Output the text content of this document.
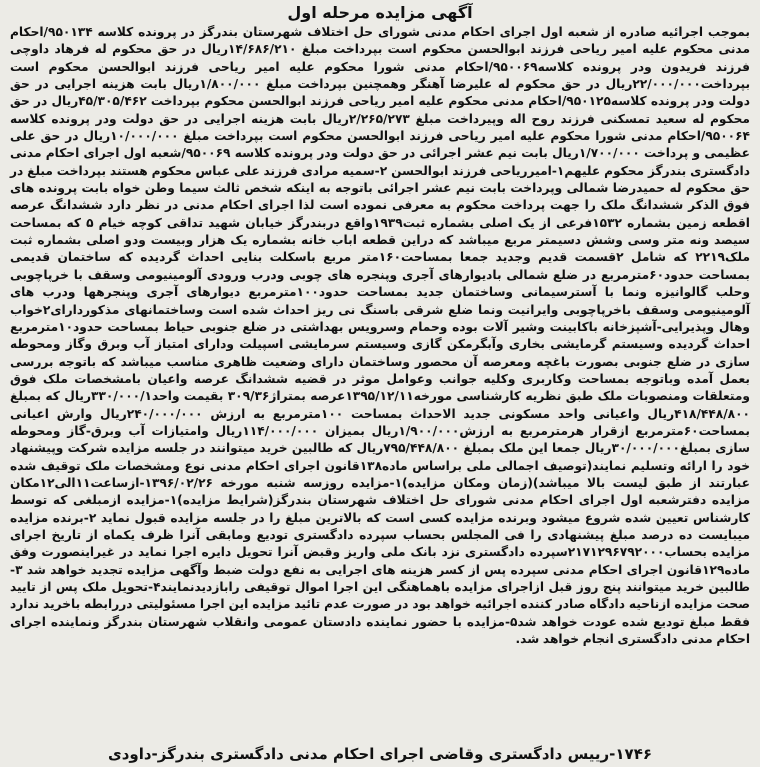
آگهی مزایده مرحله اول

بموجب اجرائیه صادره از شعبه اول اجرای احکام مدنی شورای حل اختلاف شهرستان بندرگز در پرونده کلاسه ۹۵۰۱۳۴/احکام مدنی محکوم علیه امیر ریاحی فرزند ابوالحسن محکوم است بپرداخت مبلغ ۱۴/۶۸۶/۲۱۰ریال در حق محکوم له فرهاد داوچی فرزند فریدون ودر پرونده کلاسه۹۵۰۰۶۹/احکام مدنی شورا محکوم علیه امیر ریاحی فرزند ابوالحسن محکوم است بپرداخت۲۲/۰۰۰/۰۰۰ریال در حق محکوم له علیرضا آهنگر وهمچنین بپرداخت مبلغ ۱/۸۰۰/۰۰۰ریال بابت هزینه اجرایی در حق دولت ودر پرونده کلاسه۹۵۰۱۲۵/احکام مدنی محکوم علیه امیر ریاحی فرزند ابوالحسن محکوم بپرداخت ۴۵/۳۰۵/۴۶۲ریال در حق محکوم له سعید تمسکنی فرزند روح اله وپیرداخت مبلغ ۲/۲۶۵/۲۷۳ریال بابت هزینه اجرایی در حق دولت ودر پرونده کلاسه ۹۵۰۰۶۴/احکام مدنی شورا محکوم علیه امیر ریاحی فرزند ابوالحسن محکوم است بپرداخت مبلغ ۱۰/۰۰۰/۰۰۰ریال در حق علی عظیمی و پرداخت ۱/۷۰۰/۰۰۰ریال بابت نیم عشر اجرائی در حق دولت ودر پرونده کلاسه ۹۵۰۰۶۹/شعبه اول اجرای احکام مدنی دادگستری بندرگز محکوم علیهم۱-امیرریاحی فرزند ابوالحسن ۲-سمیه مرادی فرزند علی عباس محکوم هستند بپرداخت مبلغ در حق محکوم له حمیدرضا شمالی وپرداخت بابت نیم عشر اجرائی باتوجه به اینکه شخص ثالث سیما وطن خواه بابت پرونده های فوق الذکر ششدانگ ملک را جهت پرداخت محکوم به معرفی نموده است لذا اجرای احکام مدنی در نظر دارد ششدانگ عرصه اقطعه زمین بشماره ۱۵۳۲فرعی از یک اصلی بشماره ثبت۱۹۳۹واقع دربندرگز خیابان شهید تداقی کوچه خیام ۵ که بمساحت سیصد ونه متر وسی وشش دسیمتر مربع میباشد که دراین قطعه اباب خانه بشماره یک هزار وبیست ودو اصلی بشماره ثبت ملک۲۲۱۹ که شامل ۲قسمت قدیم وجدید جمعا بمساحت۱۶۰متر مربع باسکلت بنایی احداث گردیده که ساختمان قدیمی بمساحت حدود۶۰مترمربع در ضلع شمالی بادیوارهای آجری وپنجره های چوبی ودرب ورودی آلومینیومی وسقف با خرپاچوبی وحلب گالوانیزه ونما با آسترسیمانی وساختمان جدید بمساحت حدود۱۰۰مترمربع دیوارهای آجری وپنجرهها ودرب های آلومینیومی وسقف باخرپاچوبی وایرانیت ونما ضلع شرقی باسنگ نی ریز احداث شده است وساختمانهای مذکوردارای۲خواب وهال وپذیرایی-آشپزخانه باکابینت وشیر آلات بوده وحمام وسرویس بهداشتی در ضلع جنوبی حیاط بمساحت حدود۱۰مترمربع احداث گردیده وسیستم گرمایشی بخاری وآبگرمکن گازی وسیستم سرمایشی اسپیلت ودارای امتیاز آب وبرق وگاز ومحوطه سازی در ضلع جنوبی بصورت باغچه ومعرصه آن محصور وساختمان دارای وضعیت ظاهری مناسب میباشد که باتوجه بررسی بعمل آمده وباتوجه بمساحت وکاربری وکلیه جوانب وعوامل موثر در قضیه ششدانگ عرصه واعیان بامشخصات ملک فوق ومتعلقات ومنصوبات ملک طبق نظریه کارشناسی مورخه۱۳۹۵/۱۲/۱۱عرصه بمتراژ۳۰۹/۳۶ بقیمت واحد۳۳۰/۰۰۰/۱ریال که بمبلغ ۴۱۸/۴۴۸/۸۰۰ریال واعیانی واحد مسکونی جدید الاحداث بمساحت ۱۰۰مترمربع به ارزش ۲۴۰/۰۰۰/۰۰۰ریال وارش اعیانی بمساحت۶۰مترمربع ازقرار هرمترمربع به ارزش۱/۹۰۰/۰۰۰ریال بمیزان ۱۱۴/۰۰۰/۰۰۰ریال وامتیازات آب وبرق-گاز ومحوطه سازی بمبلغ۳۰/۰۰۰/۰۰۰ریال جمعا این ملک بمبلغ ۷۹۵/۴۴۸/۸۰۰ریال که طالبین خرید میتوانند در جلسه مزایده شرکت وپیشنهاد خود را ارائه وتسلیم نمایند(توصیف اجمالی ملی براساس ماده۱۳۸قانون اجرای احکام مدنی نوع ومشخصات ملک توقیف شده عبارتند از طبق لیست بالا میباشد)(زمان ومکان مزایده)۱-مزایده روزسه شنبه مورخه ۱۳۹۶/۰۲/۲۶-ازساعت۱۱الی۱۲مکان مزایده دفترشعبه اول اجرای احکام مدنی شورای حل اختلاف شهرستان بندرگز(شرایط مزایده)۱-مزایده ازمبلغی که توسط کارشناس تعیین شده شروع میشود وبرنده مزایده کسی است که بالاترین مبلغ را در جلسه مزایده قبول نماید ۲-برنده مزایده میبایست ده درصد مبلغ پیشنهادی را فی المجلس بحساب سپرده دادگستری تودیع ومابقی آنرا ظرف یکماه از تاریخ اجرای مزایده بحساب۲۱۷۱۲۹۶۷۹۲۰۰۰سپرده دادگستری نزد بانک ملی واریز وقبض آنرا تحویل دایره اجرا نماید در غیراینصورت وفق ماده۱۲۹قانون اجرای احکام مدنی سپرده پس از کسر هزینه های اجرایی به نفع دولت ضبط وآگهی مزایده تجدید خواهد شد ۳-طالبین خرید میتوانند پنج روز قبل ازاجرای مزایده باهماهنگی این اجرا اموال توقیفی رابازدیدنمایند۴-تحویل ملک پس از تایید صحت مزایده ازناحیه دادگاه صادر کننده اجرائیه خواهد بود در صورت عدم تائید مزایده این اجرا مسئولیتی دررابطه باخرید ندارد فقط مبلغ تودیع شده عودت خواهد شد۵-مزایده با حضور نماینده دادستان عمومی وانقلاب شهرستان بندرگز ونماینده اجرای احکام مدنی دادگستری انجام خواهد شد.

۱۷۴۶-رییس دادگستری وقاضی اجرای احکام مدنی دادگستری بندرگز-داودی
